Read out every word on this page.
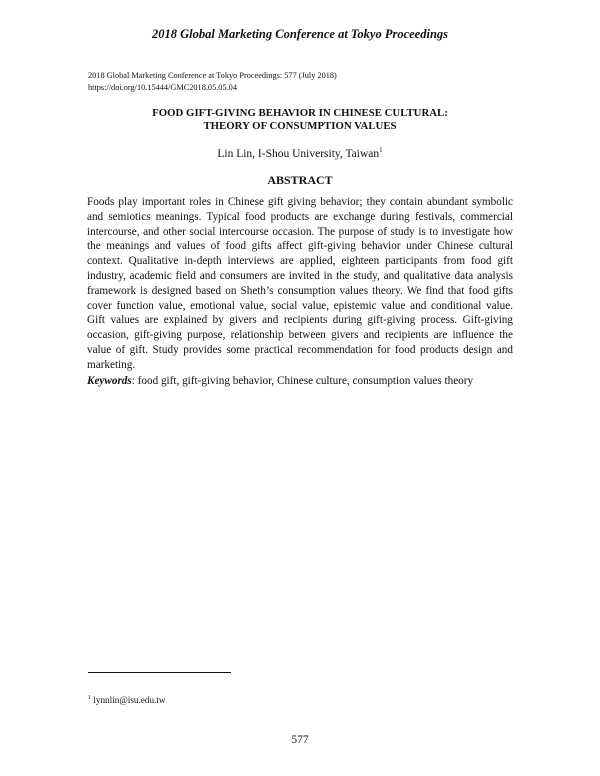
2018 Global Marketing Conference at Tokyo Proceedings
2018 Global Marketing Conference at Tokyo Proceedings: 577 (July 2018)
https://doi.org/10.15444/GMC2018.05.05.04
FOOD GIFT-GIVING BEHAVIOR IN CHINESE CULTURAL:
THEORY OF CONSUMPTION VALUES
Lin Lin, I-Shou University, Taiwan$^1$
ABSTRACT

Foods play important roles in Chinese gift giving behavior; they contain abundant symbolic and semiotics meanings. Typical food products are exchange during festivals, commercial intercourse, and other social intercourse occasion. The purpose of study is to investigate how the meanings and values of food gifts affect gift-giving behavior under Chinese cultural context. Qualitative in-depth interviews are applied, eighteen participants from food gift industry, academic field and consumers are invited in the study, and qualitative data analysis framework is designed based on Sheth’s consumption values theory. We find that food gifts cover function value, emotional value, social value, epistemic value and conditional value. Gift values are explained by givers and recipients during gift-giving process. Gift-giving occasion, gift-giving purpose, relationship between givers and recipients are influence the value of gift. Study provides some practical recommendation for food products design and marketing.

Keywords: food gift, gift-giving behavior, Chinese culture, consumption values theory

$^1$ lynnlin@isu.edu.tw
577
